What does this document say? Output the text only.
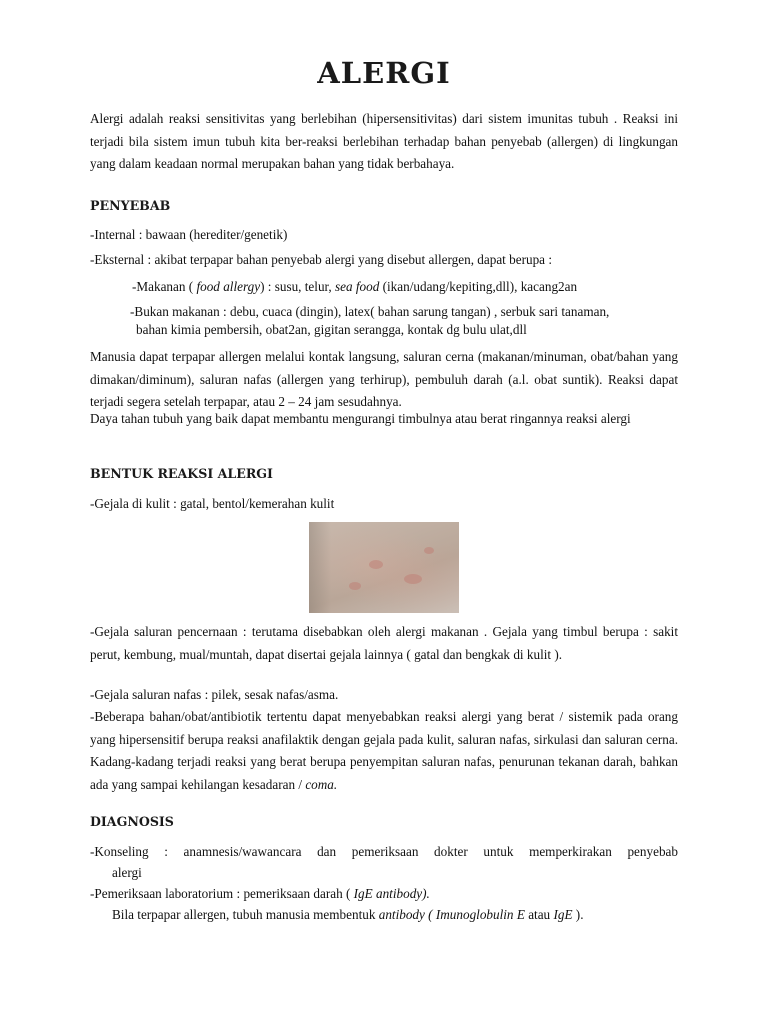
ALERGI

Alergi adalah reaksi sensitivitas yang berlebihan (hipersensitivitas) dari sistem imunitas tubuh . Reaksi ini terjadi bila sistem imun tubuh kita ber-reaksi berlebihan terhadap bahan penyebab (allergen) di lingkungan yang dalam keadaan normal merupakan bahan yang tidak berbahaya.

PENYEBAB

-Internal : bawaan (herediter/genetik)

-Eksternal : akibat terpapar bahan penyebab alergi yang disebut allergen, dapat berupa :

-Makanan ( food allergy) : susu, telur, sea food (ikan/udang/kepiting,dll), kacang2an

-Bukan makanan : debu, cuaca (dingin), latex( bahan sarung tangan) , serbuk sari tanaman,

bahan kimia pembersih, obat2an, gigitan serangga, kontak dg bulu ulat,dll

Manusia dapat terpapar allergen melalui kontak langsung, saluran cerna (makanan/minuman, obat/bahan yang dimakan/diminum), saluran nafas (allergen yang terhirup), pembuluh darah (a.l. obat suntik). Reaksi dapat terjadi segera setelah terpapar, atau 2 – 24 jam sesudahnya.

Daya tahan tubuh yang baik dapat membantu mengurangi timbulnya atau berat ringannya reaksi alergi

BENTUK REAKSI ALERGI

-Gejala di kulit : gatal, bentol/kemerahan kulit

-Gejala saluran pencernaan : terutama disebabkan oleh alergi makanan . Gejala yang timbul berupa : sakit perut, kembung, mual/muntah, dapat disertai gejala lainnya ( gatal dan bengkak di kulit ).

-Gejala saluran nafas : pilek, sesak nafas/asma.

-Beberapa bahan/obat/antibiotik tertentu dapat menyebabkan reaksi alergi yang berat / sistemik pada orang yang hipersensitif berupa reaksi anafilaktik dengan gejala pada kulit, saluran nafas, sirkulasi dan saluran cerna. Kadang-kadang terjadi reaksi yang berat berupa penyempitan saluran nafas, penurunan tekanan darah, bahkan ada yang sampai kehilangan kesadaran / coma.

DIAGNOSIS

-Konseling : anamnesis/wawancara dan pemeriksaan dokter untuk memperkirakan penyebab

alergi

-Pemeriksaan laboratorium : pemeriksaan darah ( IgE antibody).

Bila terpapar allergen, tubuh manusia membentuk antibody ( Imunoglobulin E atau IgE ).
